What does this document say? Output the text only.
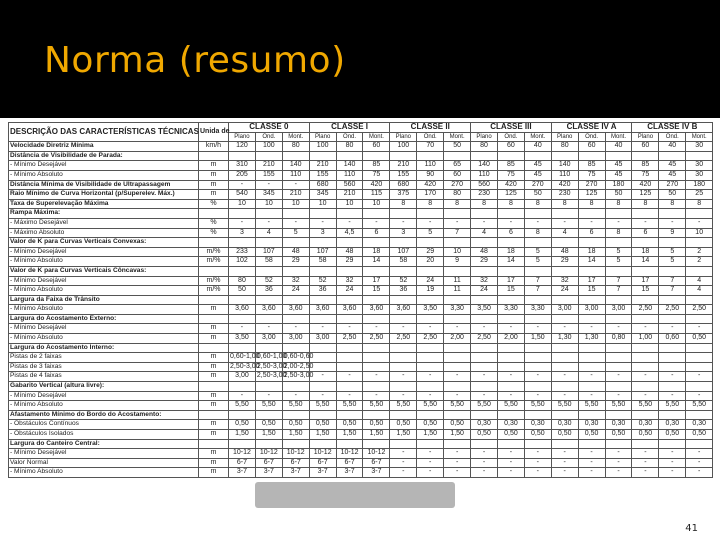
Norma (resumo)
DESCRIÇÃO DAS CARACTERÍSTICAS TÉCNICAS	Unida de	CLASSE 0			CLASSE I			CLASSE II			CLASSE III			CLASSE IV A			CLASSE IV B		
		Plano	Ond.	Mont.	Plano	Ond.	Mont.	Plano	Ond.	Mont.	Plano	Ond.	Mont.	Plano	Ond.	Mont.	Plano	Ond.	Mont.
Velocidade Diretriz Mínima	km/h	120	100	80	100	80	60	100	70	50	80	60	40	80	60	40	60	40	30
Distância de Visibilidade de Parada:																			
- Mínimo Desejável	m	310	210	140	210	140	85	210	110	65	140	85	45	140	85	45	85	45	30
- Mínimo Absoluto	m	205	155	110	155	110	75	155	90	60	110	75	45	110	75	45	75	45	30
Distância Mínima de Visibilidade de Ultrapassagem	m	-	-	-	680	560	420	680	420	270	560	420	270	420	270	180	420	270	180
Raio Mínimo de Curva Horizontal (p/Superelev. Máx.)	m	540	345	210	345	210	115	375	170	80	230	125	50	230	125	50	125	50	25
Taxa de Superelevação Máxima	%	10	10	10	10	10	10	8	8	8	8	8	8	8	8	8	8	8	8
Rampa Máxima:																			
- Máximo Desejável	%	-	-	-	-	-	-	-	-	-	-	-	-	-	-	-	-	-	-
- Máximo Absoluto	%	3	4	5	3	4,5	6	3	5	7	4	6	8	4	6	8	6	9	10
Valor de K para Curvas Verticais Convexas:																			
- Mínimo Desejável	m/%	233	107	48	107	48	18	107	29	10	48	18	5	48	18	5	18	5	2
- Mínimo Absoluto	m/%	102	58	29	58	29	14	58	20	9	29	14	5	29	14	5	14	5	2
Valor de K para Curvas Verticais Côncavas:																			
- Mínimo Desejável	m/%	80	52	32	52	32	17	52	24	11	32	17	7	32	17	7	17	7	4
- Mínimo Absoluto	m/%	50	36	24	36	24	15	36	19	11	24	15	7	24	15	7	15	7	4
Largura da Faixa de Trânsito																			
- Mínimo Absoluto	m	3,60	3,60	3,60	3,60	3,60	3,60	3,60	3,50	3,30	3,50	3,30	3,30	3,00	3,00	3,00	2,50	2,50	2,50
Largura do Acostamento Externo:																			
- Mínimo Desejável	m	-	-	-	-	-	-	-	-	-	-	-	-	-	-	-	-	-	-
- Mínimo Absoluto	m	3,50	3,00	3,00	3,00	2,50	2,50	2,50	2,50	2,00	2,50	2,00	1,50	1,30	1,30	0,80	1,00	0,60	0,50
Largura do Acostamento Interno:																			
Pistas de 2 faixas	m	0,60-1,00	0,60-1,00	0,60-0,60															
Pistas de 3 faixas	m	2,50-3,00	2,50-3,00	2,00-2,50															
Pistas de 4 faixas	m	3,00	2,50-3,00	2,50-3,00	-	-	-	-	-	-	-	-	-	-	-	-	-	-	-
Gabarito Vertical (altura livre):																			
- Mínimo Desejável	m	-	-	-	-	-	-	-	-	-	-	-	-	-	-	-	-	-	-
- Mínimo Absoluto	m	5,50	5,50	5,50	5,50	5,50	5,50	5,50	5,50	5,50	5,50	5,50	5,50	5,50	5,50	5,50	5,50	5,50	5,50
Afastamento Mínimo do Bordo do Acostamento:																			
- Obstáculos Contínuos	m	0,50	0,50	0,50	0,50	0,50	0,50	0,50	0,50	0,50	0,30	0,30	0,30	0,30	0,30	0,30	0,30	0,30	0,30
- Obstáculos Isolados	m	1,50	1,50	1,50	1,50	1,50	1,50	1,50	1,50	1,50	0,50	0,50	0,50	0,50	0,50	0,50	0,50	0,50	0,50
Largura do Canteiro Central:																			
- Mínimo Desejável	m	10-12	10-12	10-12	10-12	10-12	10-12	-	-	-	-	-	-	-	-	-	-	-	-
Valor Normal	m	6-7	6-7	6-7	6-7	6-7	6-7	-	-	-	-	-	-	-	-	-	-	-	-
- Mínimo Absoluto	m	3-7	3-7	3-7	3-7	3-7	3-7	-	-	-	-	-	-	-	-	-	-	-	-
41
